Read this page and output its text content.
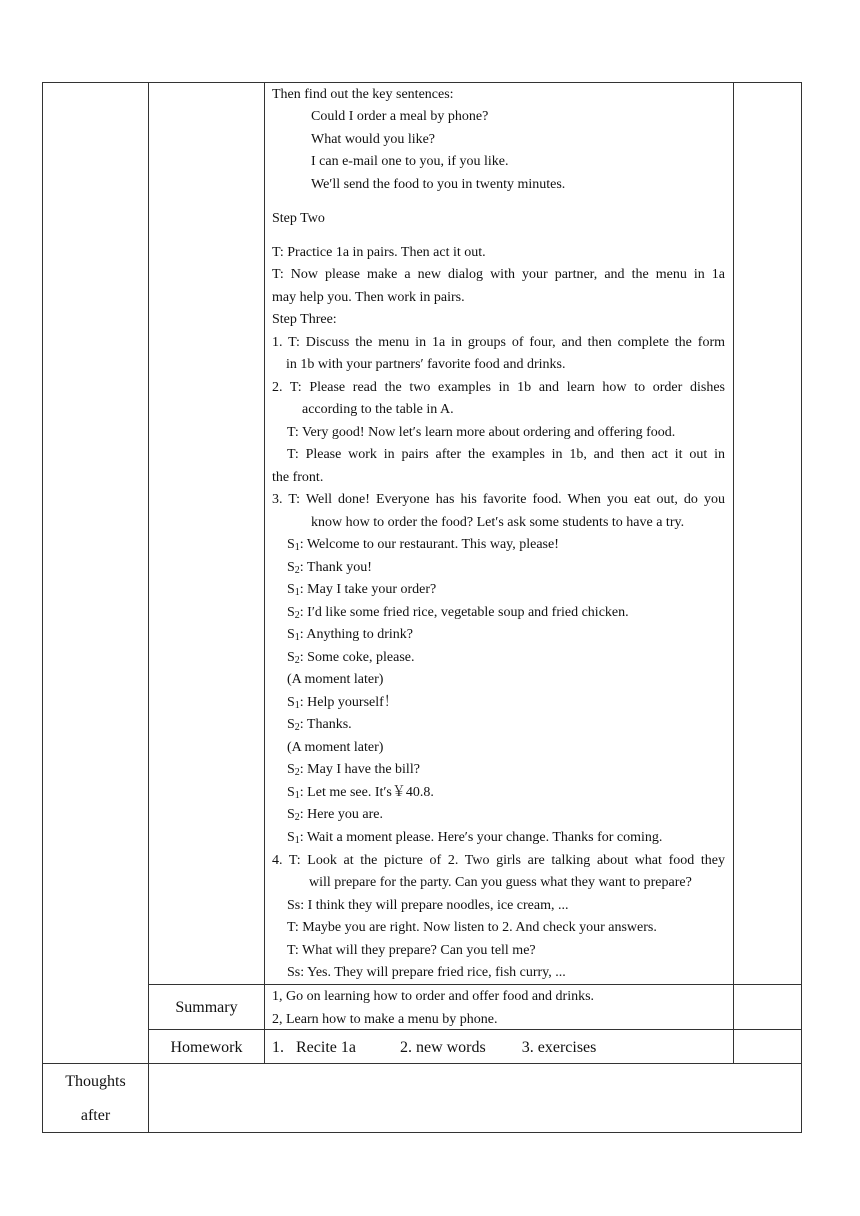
Then find out the key sentences:
Could I order a meal by phone?
What would you like?
I can e-mail one to you, if you like.
We′ll send the food to you in twenty minutes.
Step Two
T: Practice 1a in pairs. Then act it out.
T: Now please make a new dialog with your partner, and the menu in 1a
may help you. Then work in pairs.
Step Three:
1. T: Discuss the menu in 1a in groups of four, and then complete the form
in 1b with your partners′ favorite food and drinks.
2. T: Please read the two examples in 1b and learn how to order dishes
according to the table in A.
T: Very good! Now let′s learn more about ordering and offering food.
T: Please work in pairs after the examples in 1b, and then act it out in
the front.
3. T: Well done! Everyone has his favorite food. When you eat out, do you
know how to order the food? Let′s ask some students to have a try.
$S_1$: Welcome to our restaurant. This way, please!
$S_2$: Thank you!
$S_1$: May I take your order?
$S_2$: I′d like some fried rice, vegetable soup and fried chicken.
$S_1$: Anything to drink?
$S_2$: Some coke, please.
(A moment later)
$S_1$: Help yourself！
$S_2$: Thanks.
(A moment later)
$S_2$: May I have the bill?
$S_1$: Let me see. It′s￥40.8.
$S_2$: Here you are.
$S_1$: Wait a moment please. Here′s your change. Thanks for coming.
4. T: Look at the picture of 2. Two girls are talking about what food they
will prepare for the party. Can you guess what they want to prepare?
Ss: I think they will prepare noodles, ice cream, ...
T: Maybe you are right. Now listen to 2. And check your answers.
T: What will they prepare? Can you tell me?
Ss: Yes. They will prepare fried rice, fish curry, ...
Summary
1, Go on learning how to order and offer food and drinks.
2, Learn how to make a menu by phone.
Homework	1.   Recite 1a           2. new words         3. exercises
Thoughts
after
